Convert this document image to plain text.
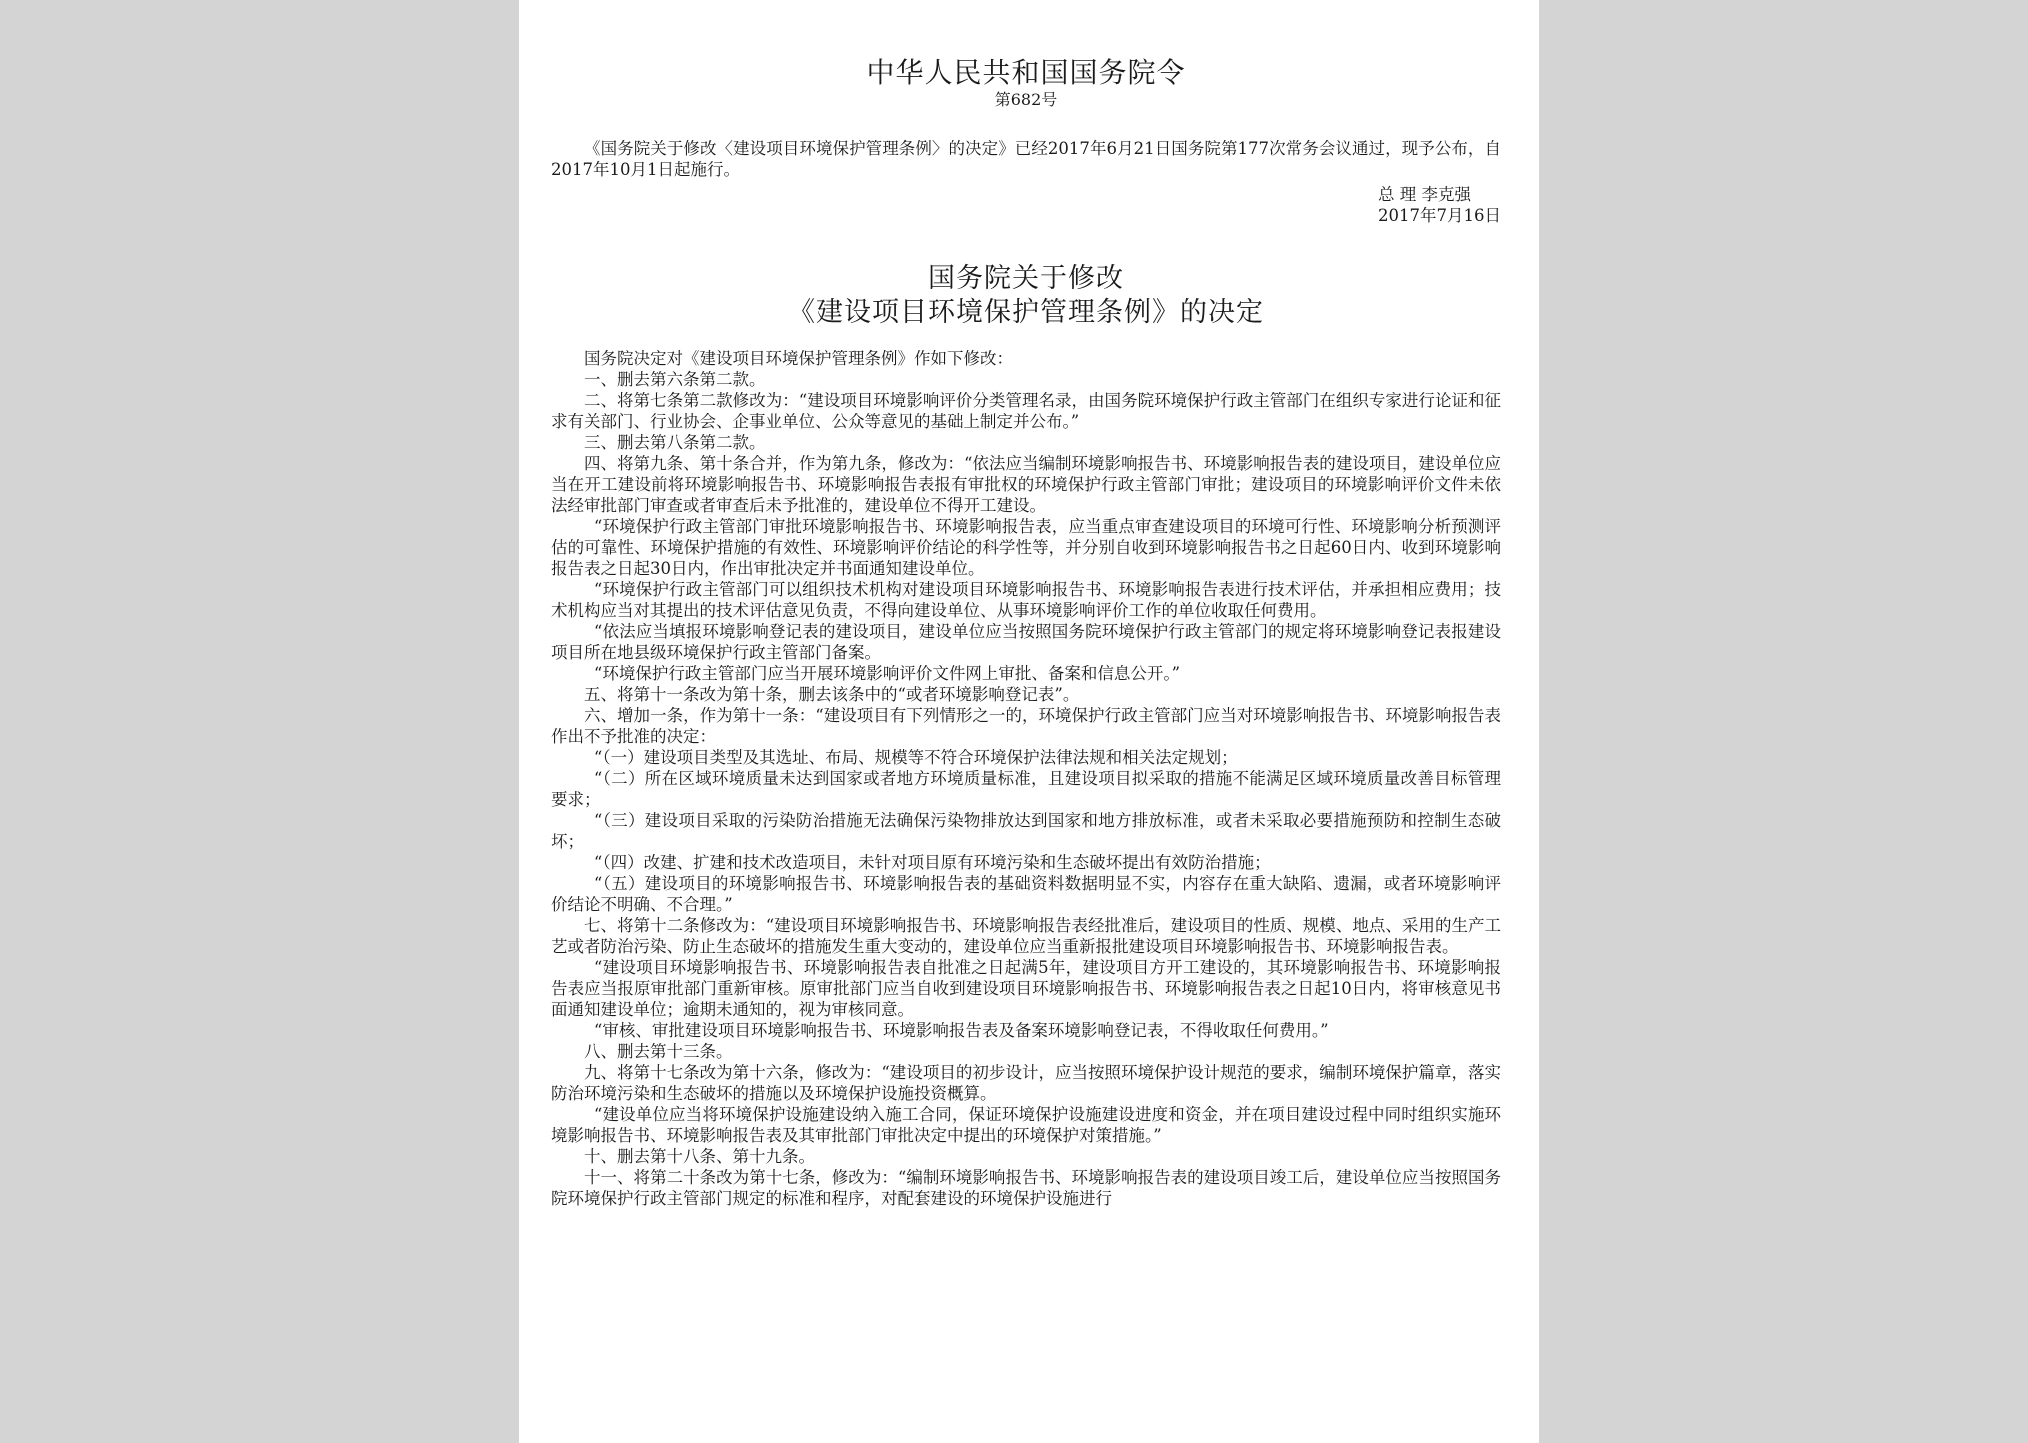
中华人民共和国国务院令
第682号
《国务院关于修改〈建设项目环境保护管理条例〉的决定》已经2017年6月21日国务院第177次常务会议通过，现予公布，自2017年10月1日起施行。
总 理 李克强
2017年7月16日
国务院关于修改
《建设项目环境保护管理条例》的决定

国务院决定对《建设项目环境保护管理条例》作如下修改：

一、删去第六条第二款。

二、将第七条第二款修改为：“建设项目环境影响评价分类管理名录，由国务院环境保护行政主管部门在组织专家进行论证和征求有关部门、行业协会、企事业单位、公众等意见的基础上制定并公布。”

三、删去第八条第二款。

四、将第九条、第十条合并，作为第九条，修改为：“依法应当编制环境影响报告书、环境影响报告表的建设项目，建设单位应当在开工建设前将环境影响报告书、环境影响报告表报有审批权的环境保护行政主管部门审批；建设项目的环境影响评价文件未依法经审批部门审查或者审查后未予批准的，建设单位不得开工建设。

“环境保护行政主管部门审批环境影响报告书、环境影响报告表，应当重点审查建设项目的环境可行性、环境影响分析预测评估的可靠性、环境保护措施的有效性、环境影响评价结论的科学性等，并分别自收到环境影响报告书之日起60日内、收到环境影响报告表之日起30日内，作出审批决定并书面通知建设单位。

“环境保护行政主管部门可以组织技术机构对建设项目环境影响报告书、环境影响报告表进行技术评估，并承担相应费用；技术机构应当对其提出的技术评估意见负责，不得向建设单位、从事环境影响评价工作的单位收取任何费用。

“依法应当填报环境影响登记表的建设项目，建设单位应当按照国务院环境保护行政主管部门的规定将环境影响登记表报建设项目所在地县级环境保护行政主管部门备案。

“环境保护行政主管部门应当开展环境影响评价文件网上审批、备案和信息公开。”

五、将第十一条改为第十条，删去该条中的“或者环境影响登记表”。

六、增加一条，作为第十一条：“建设项目有下列情形之一的，环境保护行政主管部门应当对环境影响报告书、环境影响报告表作出不予批准的决定：

“（一）建设项目类型及其选址、布局、规模等不符合环境保护法律法规和相关法定规划；

“（二）所在区域环境质量未达到国家或者地方环境质量标准，且建设项目拟采取的措施不能满足区域环境质量改善目标管理要求；

“（三）建设项目采取的污染防治措施无法确保污染物排放达到国家和地方排放标准，或者未采取必要措施预防和控制生态破坏；

“（四）改建、扩建和技术改造项目，未针对项目原有环境污染和生态破坏提出有效防治措施；

“（五）建设项目的环境影响报告书、环境影响报告表的基础资料数据明显不实，内容存在重大缺陷、遗漏，或者环境影响评价结论不明确、不合理。”

七、将第十二条修改为：“建设项目环境影响报告书、环境影响报告表经批准后，建设项目的性质、规模、地点、采用的生产工艺或者防治污染、防止生态破坏的措施发生重大变动的，建设单位应当重新报批建设项目环境影响报告书、环境影响报告表。

“建设项目环境影响报告书、环境影响报告表自批准之日起满5年，建设项目方开工建设的，其环境影响报告书、环境影响报告表应当报原审批部门重新审核。原审批部门应当自收到建设项目环境影响报告书、环境影响报告表之日起10日内，将审核意见书面通知建设单位；逾期未通知的，视为审核同意。

“审核、审批建设项目环境影响报告书、环境影响报告表及备案环境影响登记表，不得收取任何费用。”

八、删去第十三条。

九、将第十七条改为第十六条，修改为：“建设项目的初步设计，应当按照环境保护设计规范的要求，编制环境保护篇章，落实防治环境污染和生态破坏的措施以及环境保护设施投资概算。

“建设单位应当将环境保护设施建设纳入施工合同，保证环境保护设施建设进度和资金，并在项目建设过程中同时组织实施环境影响报告书、环境影响报告表及其审批部门审批决定中提出的环境保护对策措施。”

十、删去第十八条、第十九条。

十一、将第二十条改为第十七条，修改为：“编制环境影响报告书、环境影响报告表的建设项目竣工后，建设单位应当按照国务院环境保护行政主管部门规定的标准和程序，对配套建设的环境保护设施进行
